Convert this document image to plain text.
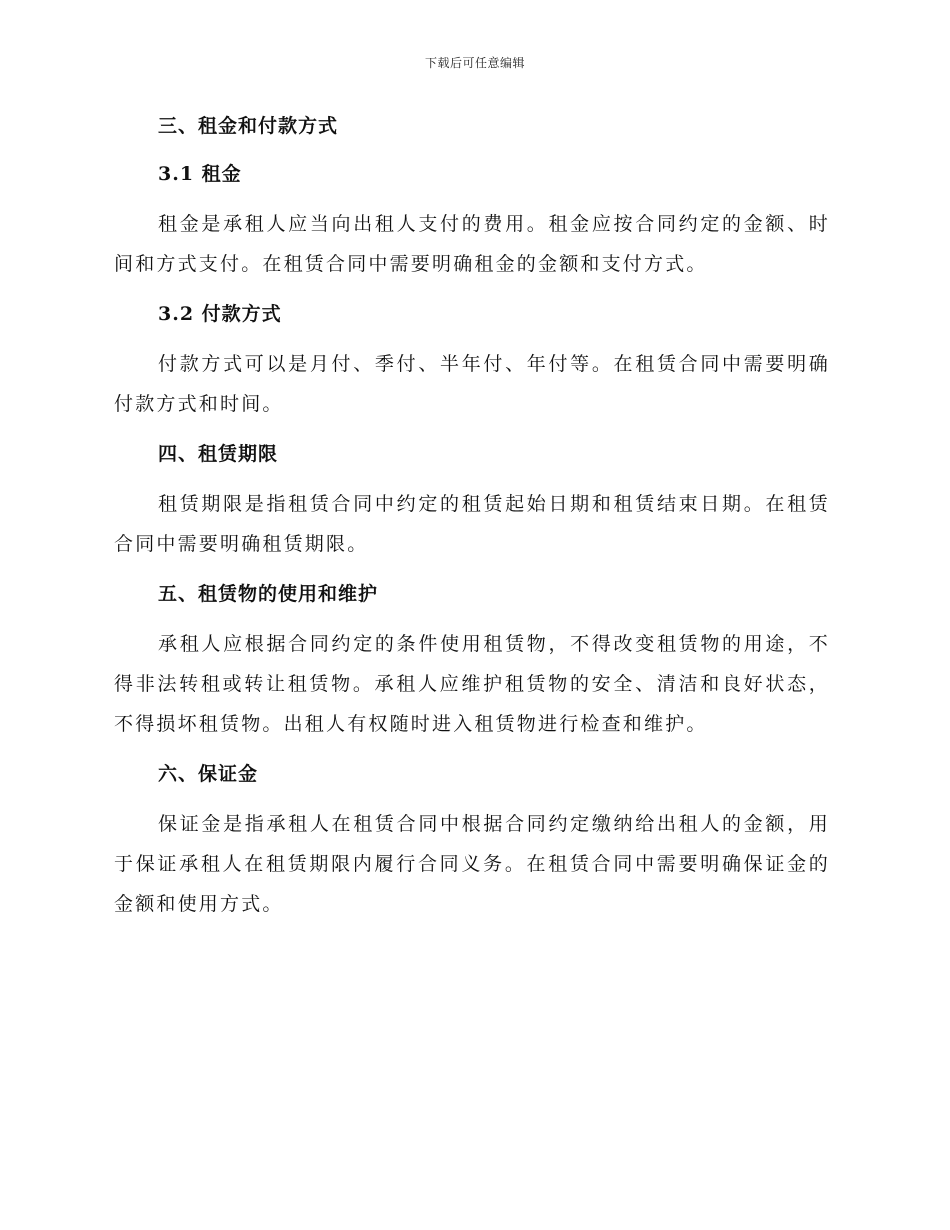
下载后可任意编辑
三、租金和付款方式
3.1 租金

租金是承租人应当向出租人支付的费用。租金应按合同约定的金额、时间和方式支付。在租赁合同中需要明确租金的金额和支付方式。

3.2 付款方式

付款方式可以是月付、季付、半年付、年付等。在租赁合同中需要明确付款方式和时间。

四、租赁期限

租赁期限是指租赁合同中约定的租赁起始日期和租赁结束日期。在租赁合同中需要明确租赁期限。

五、租赁物的使用和维护

承租人应根据合同约定的条件使用租赁物，不得改变租赁物的用途，不得非法转租或转让租赁物。承租人应维护租赁物的安全、清洁和良好状态，不得损坏租赁物。出租人有权随时进入租赁物进行检查和维护。

六、保证金

保证金是指承租人在租赁合同中根据合同约定缴纳给出租人的金额，用于保证承租人在租赁期限内履行合同义务。在租赁合同中需要明确保证金的金额和使用方式。
